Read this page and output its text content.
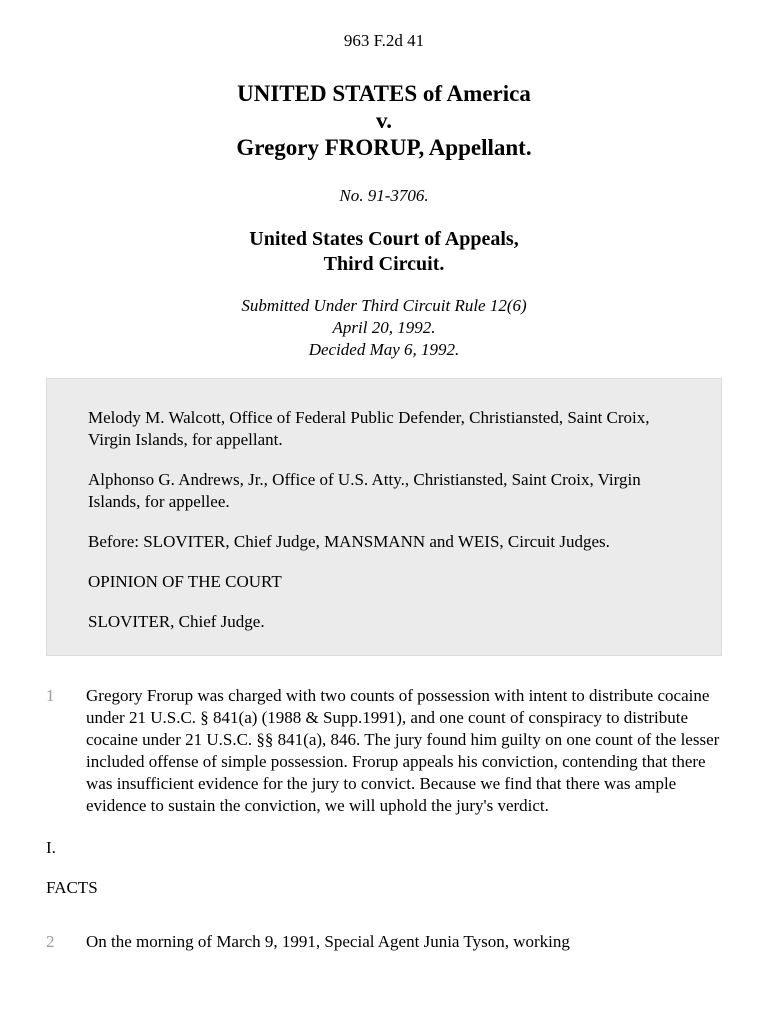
963 F.2d 41
UNITED STATES of America
v.
Gregory FRORUP, Appellant.
No. 91-3706.
United States Court of Appeals,
Third Circuit.
Submitted Under Third Circuit Rule 12(6)
April 20, 1992.
Decided May 6, 1992.

Melody M. Walcott, Office of Federal Public Defender, Christiansted, Saint Croix, Virgin Islands, for appellant.

Alphonso G. Andrews, Jr., Office of U.S. Atty., Christiansted, Saint Croix, Virgin Islands, for appellee.

Before: SLOVITER, Chief Judge, MANSMANN and WEIS, Circuit Judges.

OPINION OF THE COURT

SLOVITER, Chief Judge.

1 Gregory Frorup was charged with two counts of possession with intent to distribute cocaine under 21 U.S.C. § 841(a) (1988 & Supp.1991), and one count of conspiracy to distribute cocaine under 21 U.S.C. §§ 841(a), 846. The jury found him guilty on one count of the lesser included offense of simple possession. Frorup appeals his conviction, contending that there was insufficient evidence for the jury to convict. Because we find that there was ample evidence to sustain the conviction, we will uphold the jury's verdict.
I.
FACTS
2 On the morning of March 9, 1991, Special Agent Junia Tyson, working
